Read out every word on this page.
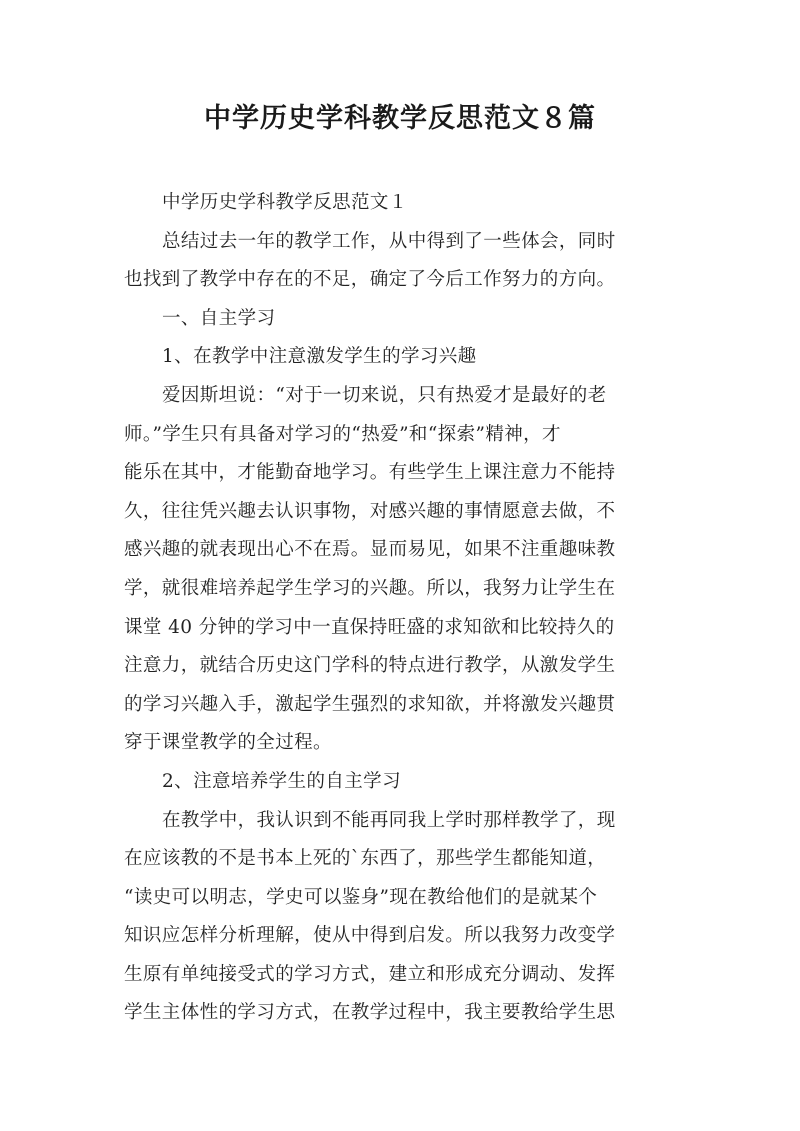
中学历史学科教学反思范文８篇
中学历史学科教学反思范文１
总结过去一年的教学工作，从中得到了一些体会，同时
也找到了教学中存在的不足，确定了今后工作努力的方向。
一、自主学习
1、在教学中注意激发学生的学习兴趣
爱因斯坦说：“对于一切来说，只有热爱才是最好的老
师。”学生只有具备对学习的“热爱”和“探索”精神，才
能乐在其中，才能勤奋地学习。有些学生上课注意力不能持
久，往往凭兴趣去认识事物，对感兴趣的事情愿意去做，不
感兴趣的就表现出心不在焉。显而易见，如果不注重趣味教
学，就很难培养起学生学习的兴趣。所以，我努力让学生在
课堂 40 分钟的学习中一直保持旺盛的求知欲和比较持久的
注意力，就结合历史这门学科的特点进行教学，从激发学生
的学习兴趣入手，激起学生强烈的求知欲，并将激发兴趣贯
穿于课堂教学的全过程。
2、注意培养学生的自主学习
在教学中，我认识到不能再同我上学时那样教学了，现
在应该教的不是书本上死的`东西了，那些学生都能知道，
“读史可以明志，学史可以鉴身”现在教给他们的是就某个
知识应怎样分析理解，使从中得到启发。所以我努力改变学
生原有单纯接受式的学习方式，建立和形成充分调动、发挥
学生主体性的学习方式，在教学过程中，我主要教给学生思
